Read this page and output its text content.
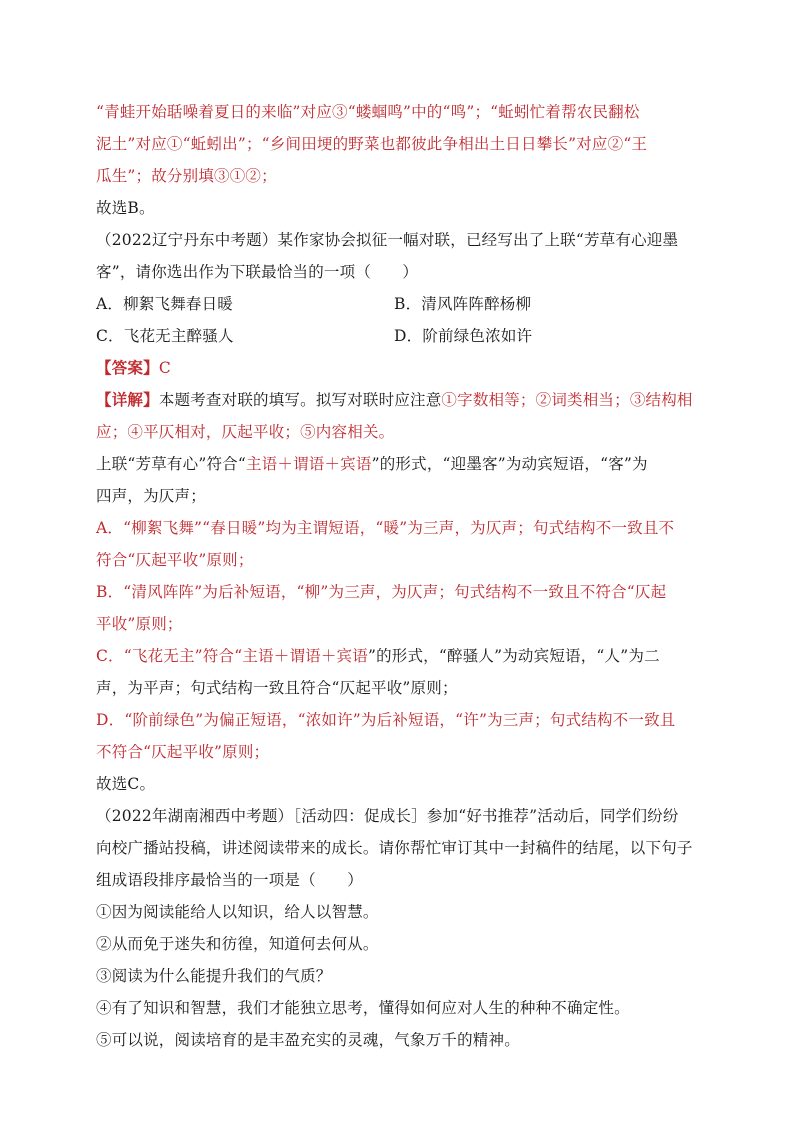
“青蛙开始聒噪着夏日的来临”对应③“蝼蝈鸣”中的“鸣”；“蚯蚓忙着帮农民翻松
泥土”对应①“蚯蚓出”；“乡间田埂的野菜也都彼此争相出土日日攀长”对应②“王
瓜生”；故分别填③①②；
故选B。
（2022辽宁丹东中考题）某作家协会拟征一幅对联，已经写出了上联“芳草有心迎墨
客”，请你选出作为下联最恰当的一项（　　）
A．柳絮飞舞春日暖	B．清风阵阵醉杨柳
C．飞花无主醉骚人	D．阶前绿色浓如许
【答案】C
【详解】本题考查对联的填写。拟写对联时应注意①字数相等；②词类相当；③结构相
应；④平仄相对，仄起平收；⑤内容相关。
上联“芳草有心”符合“主语＋谓语＋宾语”的形式，“迎墨客”为动宾短语，“客”为
四声，为仄声；
A．“柳絮飞舞”“春日暖”均为主谓短语，“暖”为三声，为仄声；句式结构不一致且不
符合“仄起平收”原则；
B．“清风阵阵”为后补短语，“柳”为三声，为仄声；句式结构不一致且不符合“仄起
平收”原则；
C．“飞花无主”符合“主语＋谓语＋宾语”的形式，“醉骚人”为动宾短语，“人”为二
声，为平声；句式结构一致且符合“仄起平收”原则；
D．“阶前绿色”为偏正短语，“浓如许”为后补短语，“许”为三声；句式结构不一致且
不符合“仄起平收”原则；
故选C。
（2022年湖南湘西中考题）［活动四：促成长］参加“好书推荐”活动后，同学们纷纷
向校广播站投稿，讲述阅读带来的成长。请你帮忙审订其中一封稿件的结尾，以下句子
组成语段排序最恰当的一项是（　　）
①因为阅读能给人以知识，给人以智慧。
②从而免于迷失和彷徨，知道何去何从。
③阅读为什么能提升我们的气质？
④有了知识和智慧，我们才能独立思考，懂得如何应对人生的种种不确定性。
⑤可以说，阅读培育的是丰盈充实的灵魂，气象万千的精神。
